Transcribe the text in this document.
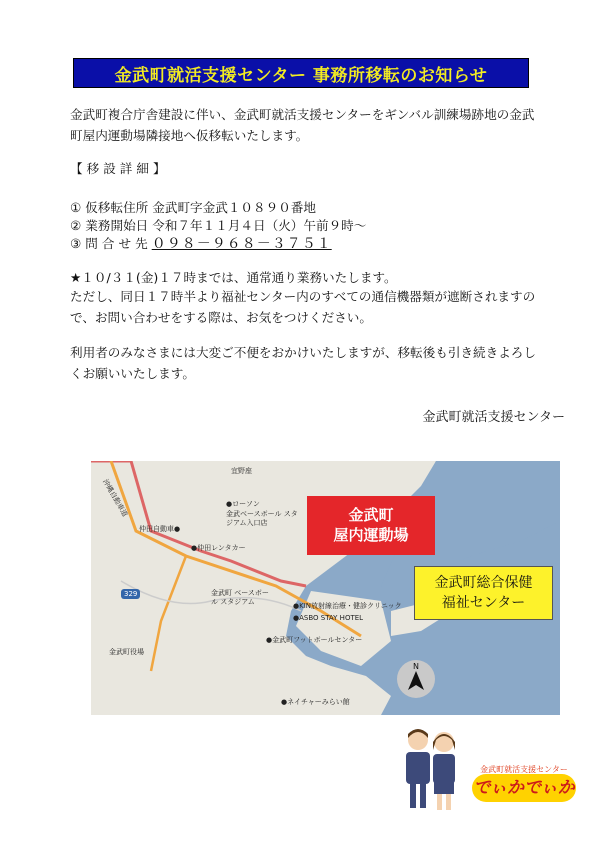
金武町就活支援センター 事務所移転のお知らせ
金武町複合庁舎建設に伴い、金武町就活支援センターをギンバル訓練場跡地の金武町屋内運動場隣接地へ仮移転いたします。
【 移 設 詳 細 】
① 仮移転住所 金武町字金武１０８９０番地
② 業務開始日 令和７年１１月４日（火）午前９時～
③ 問 合 せ 先 ０９８－９６８－３７５１
★１０/３１(金)１７時までは、通常通り業務いたします。
ただし、同日１７時半より福祉センター内のすべての通信機器類が遮断されますので、お問い合わせをする際は、お気をつけください。
利用者のみなさまには大変ご不便をおかけいたしますが、移転後も引き続きよろしくお願いいたします。
金武町就活支援センター
宜野座
●ローソン
金武ベースボール スタジアム入口店
仲田自動車●
●仲田レンタカー
金武町 ベースボール スタジアム	●KIN放射線治療・健診クリニック
●ASBO STAY HOTEL
●金武町フットボールセンター
金武町役場
●ネイチャーみらい館
沖縄自動車道
329
金武町
屋内運動場
金武町総合保健
福祉センター
N
金武町就活支援センター
でぃかでぃか
